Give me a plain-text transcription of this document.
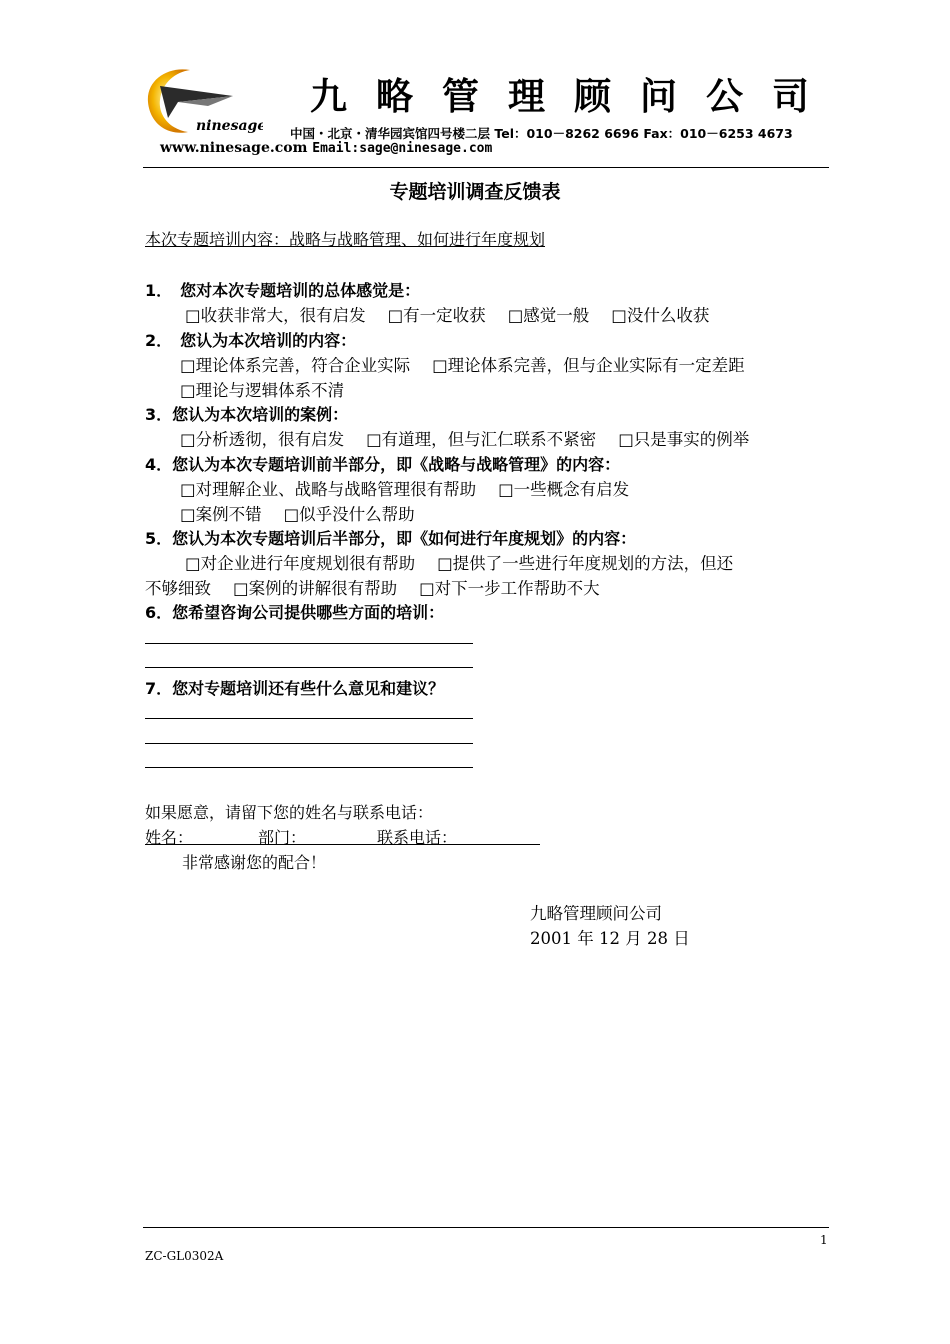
ninesage
九略管理顾问公司
中国・北京・清华园宾馆四号楼二层 Tel：010－8262 6696 Fax：010－6253 4673
www.ninesage.com Email:sage@ninesage.com
专题培训调查反馈表
本次专题培训内容：战略与战略管理、如何进行年度规划
1．　您对本次专题培训的总体感觉是：
□收获非常大，很有启发 □有一定收获 □感觉一般 □没什么收获
2．　您认为本次培训的内容：
□理论体系完善，符合企业实际 □理论体系完善，但与企业实际有一定差距
□理论与逻辑体系不清
3．您认为本次培训的案例：
□分析透彻，很有启发 □有道理，但与汇仁联系不紧密 □只是事实的例举
4．您认为本次专题培训前半部分，即《战略与战略管理》的内容：
□对理解企业、战略与战略管理很有帮助 □一些概念有启发
□案例不错 □似乎没什么帮助
5．您认为本次专题培训后半部分，即《如何进行年度规划》的内容：
□对企业进行年度规划很有帮助 □提供了一些进行年度规划的方法，但还
不够细致 □案例的讲解很有帮助 □对下一步工作帮助不大
6．您希望咨询公司提供哪些方面的培训：
7．您对专题培训还有些什么意见和建议？
如果愿意，请留下您的姓名与联系电话：
姓名：	部门：	联系电话：
非常感谢您的配合！
九略管理顾问公司
2001 年 12 月 28 日
1
ZC-GL0302A
